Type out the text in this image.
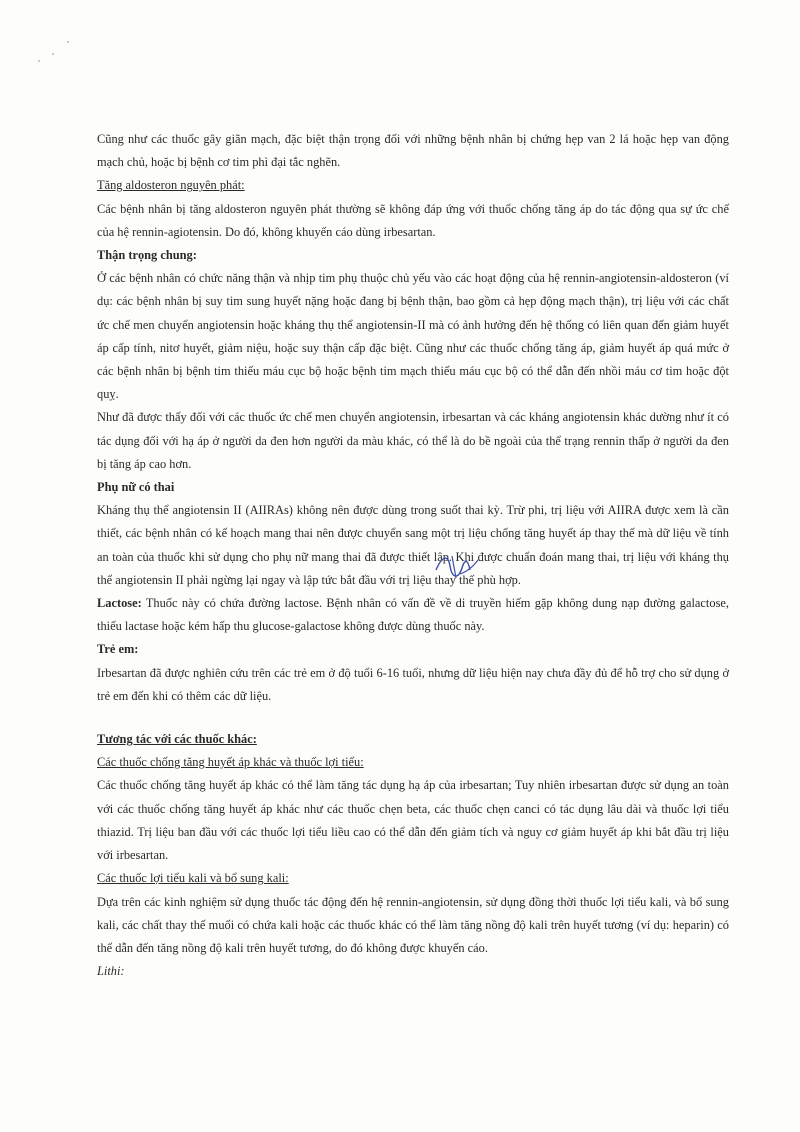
Cũng như các thuốc gây giãn mạch, đặc biệt thận trọng đối với những bệnh nhân bị chứng hẹp van 2 lá hoặc hẹp van động mạch chủ, hoặc bị bệnh cơ tim phì đại tắc nghẽn.

Tăng aldosteron nguyên phát:

Các bệnh nhân bị tăng aldosteron nguyên phát thường sẽ không đáp ứng với thuốc chống tăng áp do tác động qua sự ức chế của hệ rennin-agiotensin. Do đó, không khuyến cáo dùng irbesartan.

Thận trọng chung:

Ở các bệnh nhân có chức năng thận và nhịp tim phụ thuộc chủ yếu vào các hoạt động của hệ rennin-angiotensin-aldosteron (ví dụ: các bệnh nhân bị suy tim sung huyết nặng hoặc đang bị bệnh thận, bao gồm cả hẹp động mạch thận), trị liệu với các chất ức chế men chuyển angiotensin hoặc kháng thụ thể angiotensin-II mà có ảnh hưởng đến hệ thống có liên quan đến giảm huyết áp cấp tính, nitơ huyết, giảm niệu, hoặc suy thận cấp đặc biệt. Cũng như các thuốc chống tăng áp, giảm huyết áp quá mức ở các bệnh nhân bị bệnh tim thiếu máu cục bộ hoặc bệnh tim mạch thiếu máu cục bộ có thể dẫn đến nhồi máu cơ tim hoặc đột quỵ.

Như đã được thấy đối với các thuốc ức chế men chuyển angiotensin, irbesartan và các kháng angiotensin khác dường như ít có tác dụng đối với hạ áp ở người da đen hơn người da màu khác, có thể là do bề ngoài của thể trạng rennin thấp ở người da đen bị tăng áp cao hơn.

Phụ nữ có thai

Kháng thụ thể angiotensin II (AIIRAs) không nên được dùng trong suốt thai kỳ. Trừ phi, trị liệu với AIIRA được xem là cần thiết, các bệnh nhân có kế hoạch mang thai nên được chuyển sang một trị liệu chống tăng huyết áp thay thế mà dữ liệu về tính an toàn của thuốc khi sử dụng cho phụ nữ mang thai đã được thiết lập. Khi được chuẩn đoán mang thai, trị liệu với kháng thụ thể angiotensin II phải ngừng lại ngay và lập tức bắt đầu với trị liệu thay thế phù hợp.

Lactose: Thuốc này có chứa đường lactose. Bệnh nhân có vấn đề về di truyền hiếm gặp không dung nạp đường galactose, thiếu lactase hoặc kém hấp thu glucose-galactose không được dùng thuốc này.

Trẻ em:

Irbesartan đã được nghiên cứu trên các trẻ em ở độ tuổi 6-16 tuổi, nhưng dữ liệu hiện nay chưa đầy đủ để hỗ trợ cho sử dụng ở trẻ em đến khi có thêm các dữ liệu.

Tương tác với các thuốc khác:

Các thuốc chống tăng huyết áp khác và thuốc lợi tiểu:

Các thuốc chống tăng huyết áp khác có thể làm tăng tác dụng hạ áp của irbesartan; Tuy nhiên irbesartan được sử dụng an toàn với các thuốc chống tăng huyết áp khác như các thuốc chẹn beta, các thuốc chẹn canci có tác dụng lâu dài và thuốc lợi tiểu thiazid. Trị liệu ban đầu với các thuốc lợi tiểu liều cao có thể dẫn đến giảm tích và nguy cơ giảm huyết áp khi bắt đầu trị liệu với irbesartan.

Các thuốc lợi tiểu kali và bổ sung kali:

Dựa trên các kinh nghiệm sử dụng thuốc tác động đến hệ rennin-angiotensin, sử dụng đồng thời thuốc lợi tiểu kali, và bổ sung kali, các chất thay thế muối có chứa kali hoặc các thuốc khác có thể làm tăng nồng độ kali trên huyết tương (ví dụ: heparin) có thể dẫn đến tăng nồng độ kali trên huyết tương, do đó không được khuyến cáo.

Lithi:
